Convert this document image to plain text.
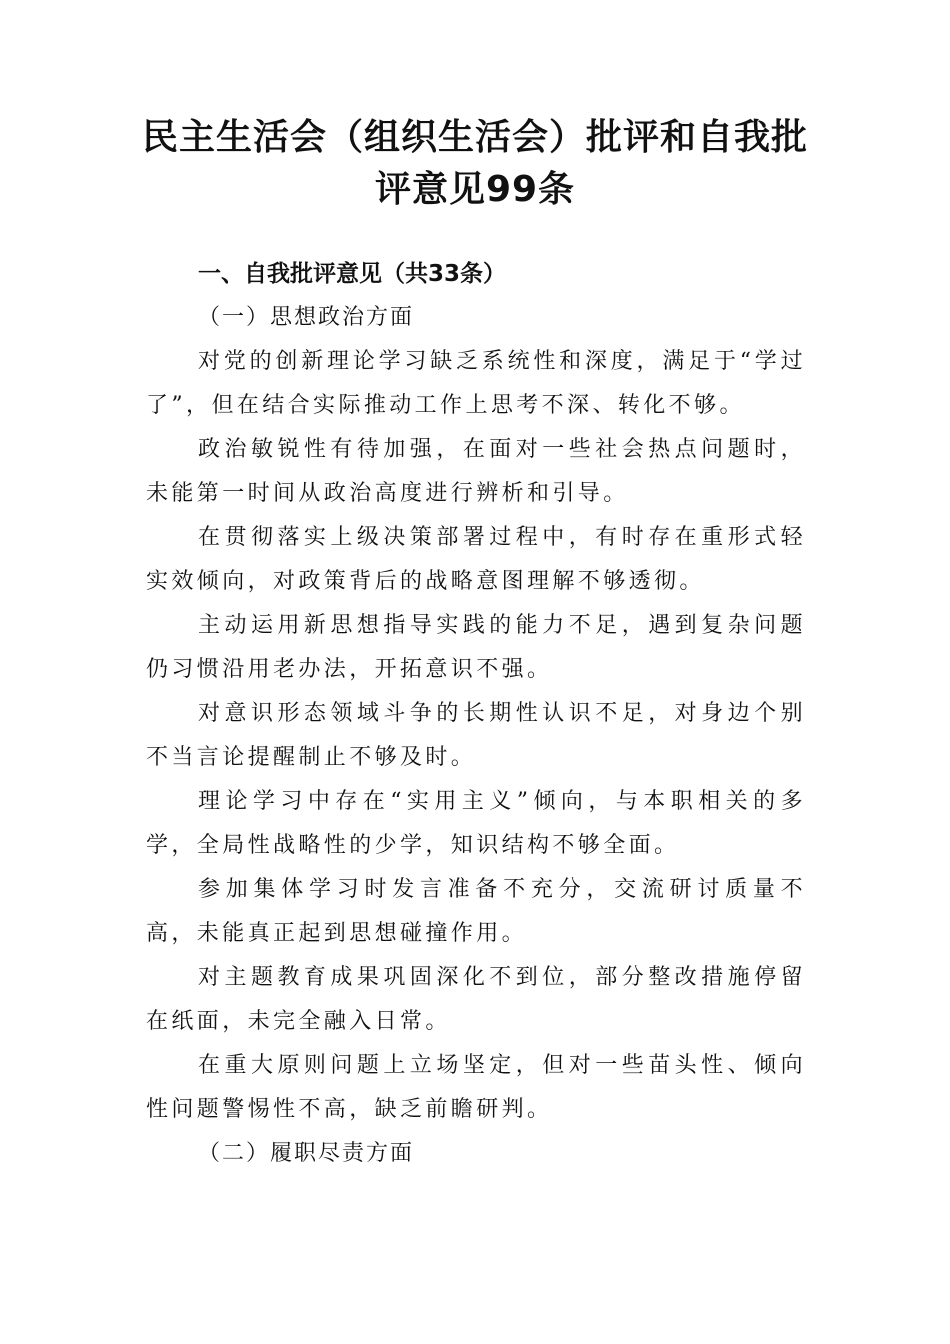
民主生活会（组织生活会）批评和自我批评意见99条
一、自我批评意见（共33条）
（一）思想政治方面

对党的创新理论学习缺乏系统性和深度，满足于“学过了”，但在结合实际推动工作上思考不深、转化不够。

政治敏锐性有待加强，在面对一些社会热点问题时，未能第一时间从政治高度进行辨析和引导。

在贯彻落实上级决策部署过程中，有时存在重形式轻实效倾向，对政策背后的战略意图理解不够透彻。

主动运用新思想指导实践的能力不足，遇到复杂问题仍习惯沿用老办法，开拓意识不强。

对意识形态领域斗争的长期性认识不足，对身边个别不当言论提醒制止不够及时。

理论学习中存在“实用主义”倾向，与本职相关的多学，全局性战略性的少学，知识结构不够全面。

参加集体学习时发言准备不充分，交流研讨质量不高，未能真正起到思想碰撞作用。

对主题教育成果巩固深化不到位，部分整改措施停留在纸面，未完全融入日常。

在重大原则问题上立场坚定，但对一些苗头性、倾向性问题警惕性不高，缺乏前瞻研判。

（二）履职尽责方面
